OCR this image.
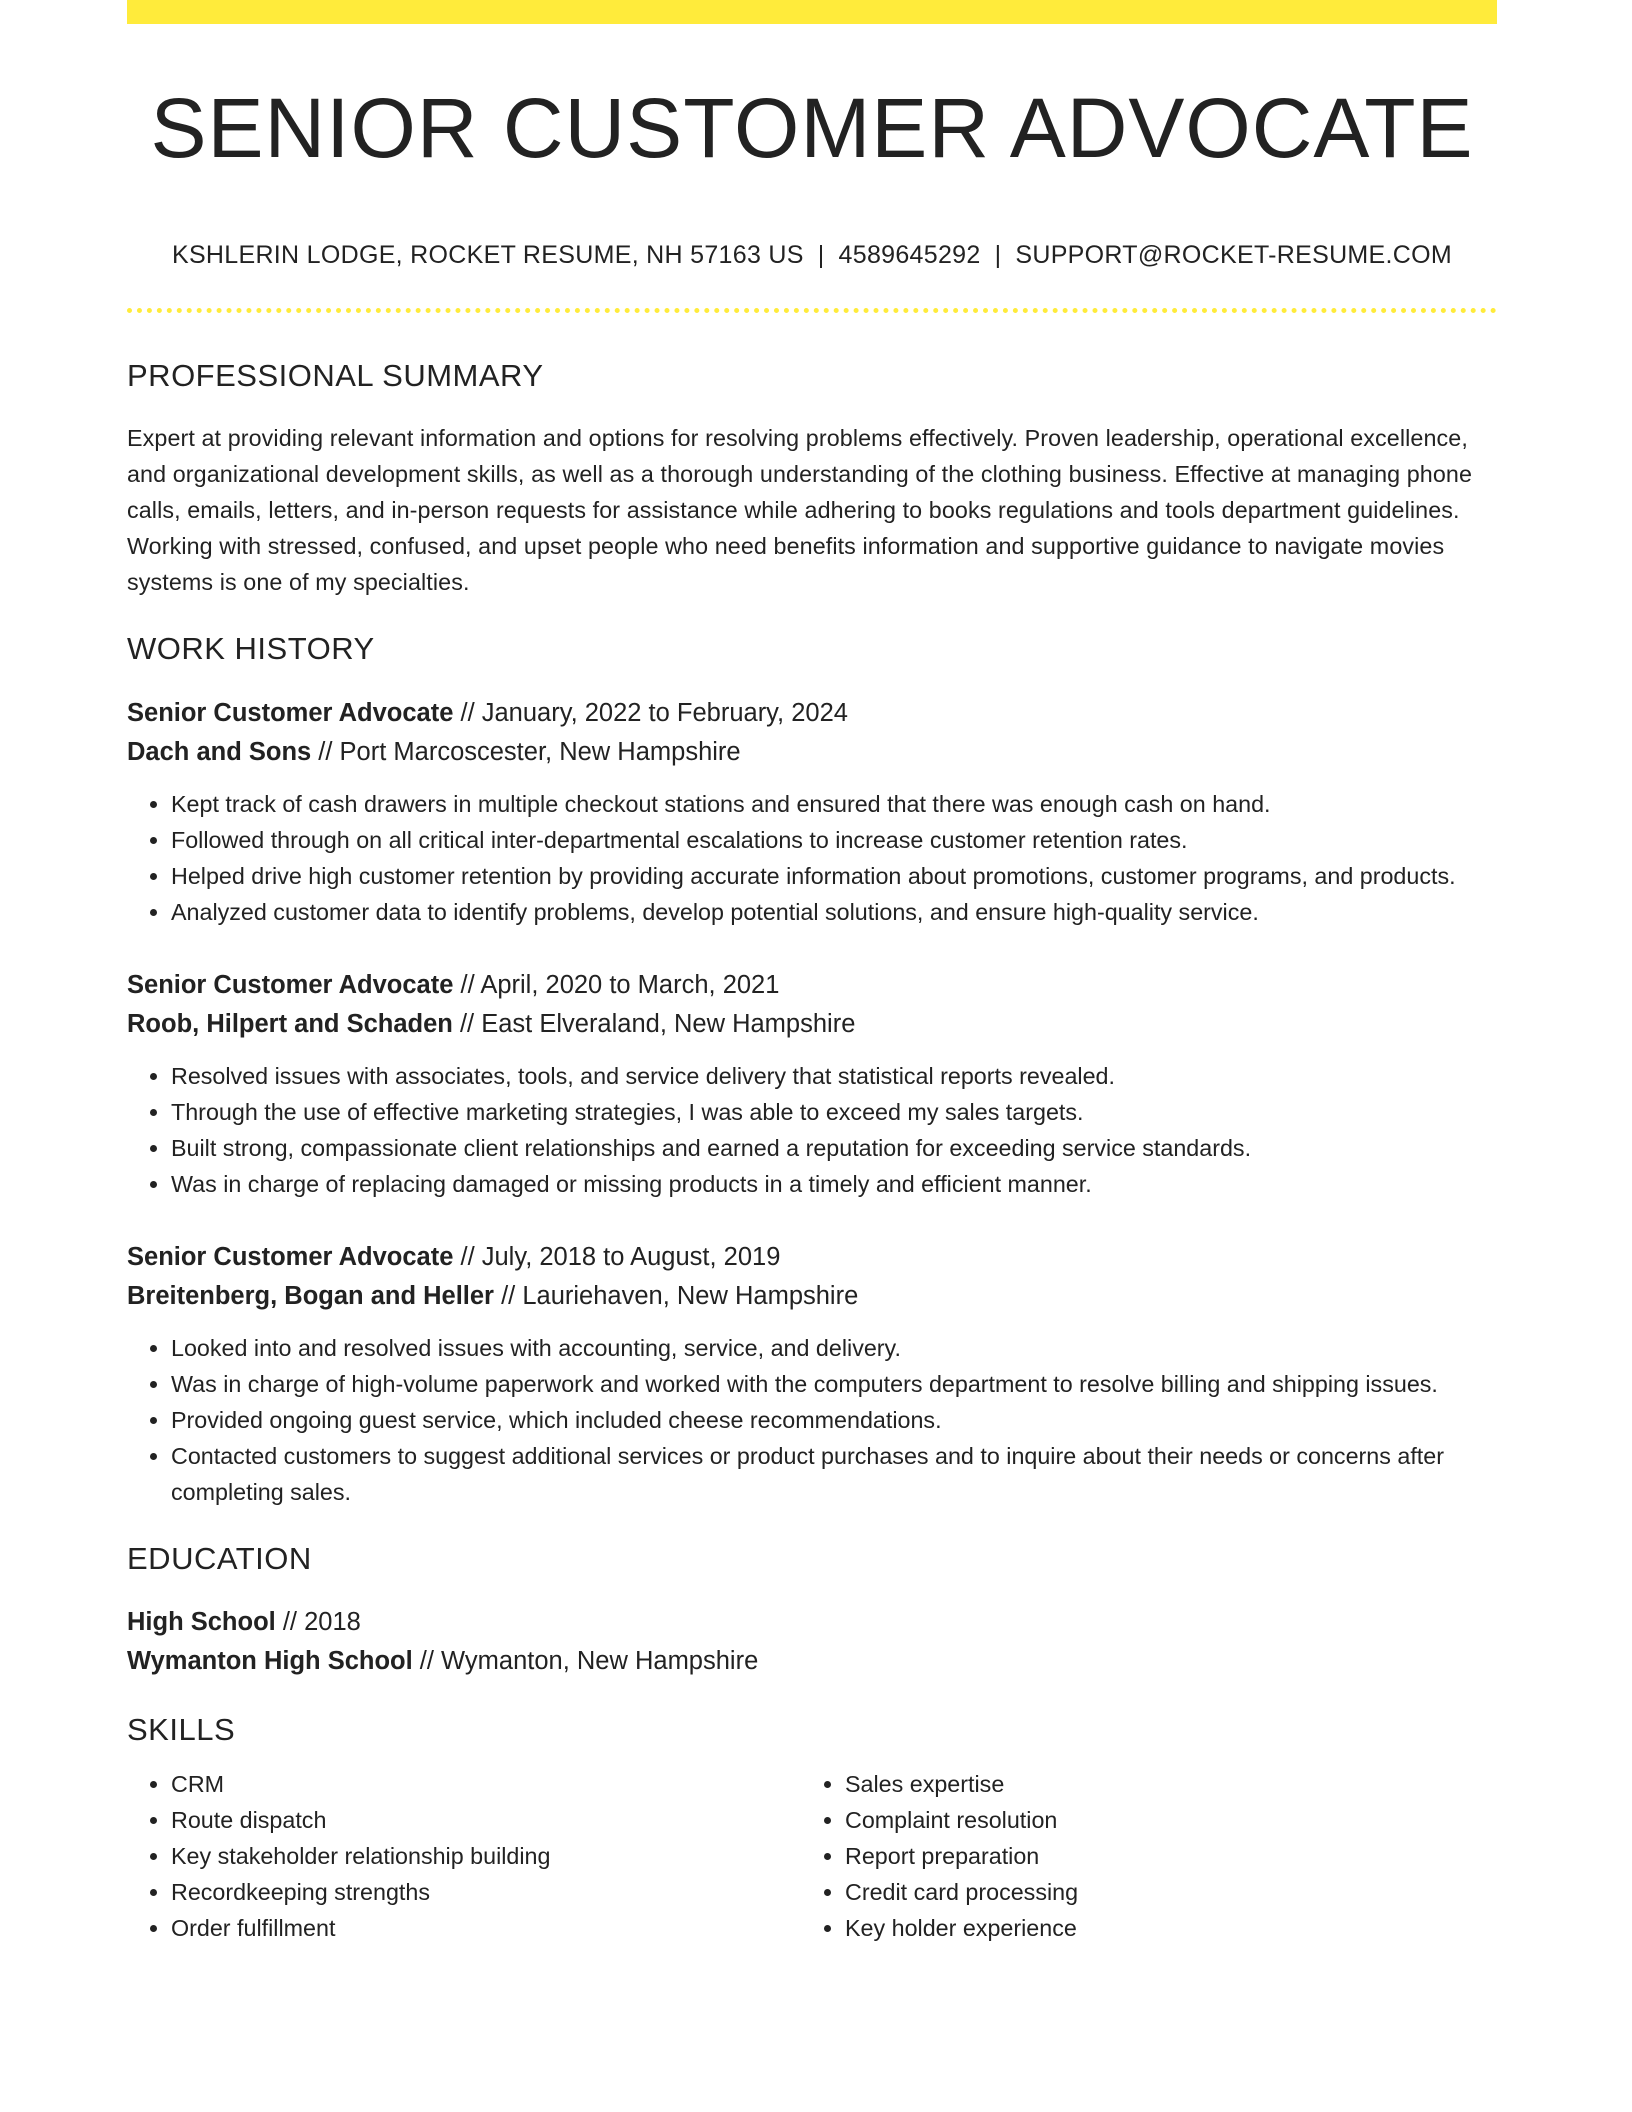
SENIOR CUSTOMER ADVOCATE
KSHLERIN LODGE, ROCKET RESUME, NH 57163 US | 4589645292 | SUPPORT@ROCKET-RESUME.COM
PROFESSIONAL SUMMARY

Expert at providing relevant information and options for resolving problems effectively. Proven leadership, operational excellence, and organizational development skills, as well as a thorough understanding of the clothing business. Effective at managing phone calls, emails, letters, and in-person requests for assistance while adhering to books regulations and tools department guidelines. Working with stressed, confused, and upset people who need benefits information and supportive guidance to navigate movies systems is one of my specialties.

WORK HISTORY
Senior Customer Advocate // January, 2022 to February, 2024
Dach and Sons // Port Marcoscester, New Hampshire
• Kept track of cash drawers in multiple checkout stations and ensured that there was enough cash on hand.
• Followed through on all critical inter-departmental escalations to increase customer retention rates.
• Helped drive high customer retention by providing accurate information about promotions, customer programs, and products.
• Analyzed customer data to identify problems, develop potential solutions, and ensure high-quality service.
Senior Customer Advocate // April, 2020 to March, 2021
Roob, Hilpert and Schaden // East Elveraland, New Hampshire
• Resolved issues with associates, tools, and service delivery that statistical reports revealed.
• Through the use of effective marketing strategies, I was able to exceed my sales targets.
• Built strong, compassionate client relationships and earned a reputation for exceeding service standards.
• Was in charge of replacing damaged or missing products in a timely and efficient manner.
Senior Customer Advocate // July, 2018 to August, 2019
Breitenberg, Bogan and Heller // Lauriehaven, New Hampshire
• Looked into and resolved issues with accounting, service, and delivery.
• Was in charge of high-volume paperwork and worked with the computers department to resolve billing and shipping issues.
• Provided ongoing guest service, which included cheese recommendations.
• Contacted customers to suggest additional services or product purchases and to inquire about their needs or concerns after completing sales.
EDUCATION
High School // 2018
Wymanton High School // Wymanton, New Hampshire
SKILLS
• CRM
• Route dispatch
• Key stakeholder relationship building
• Recordkeeping strengths
• Order fulfillment
• Sales expertise
• Complaint resolution
• Report preparation
• Credit card processing
• Key holder experience
